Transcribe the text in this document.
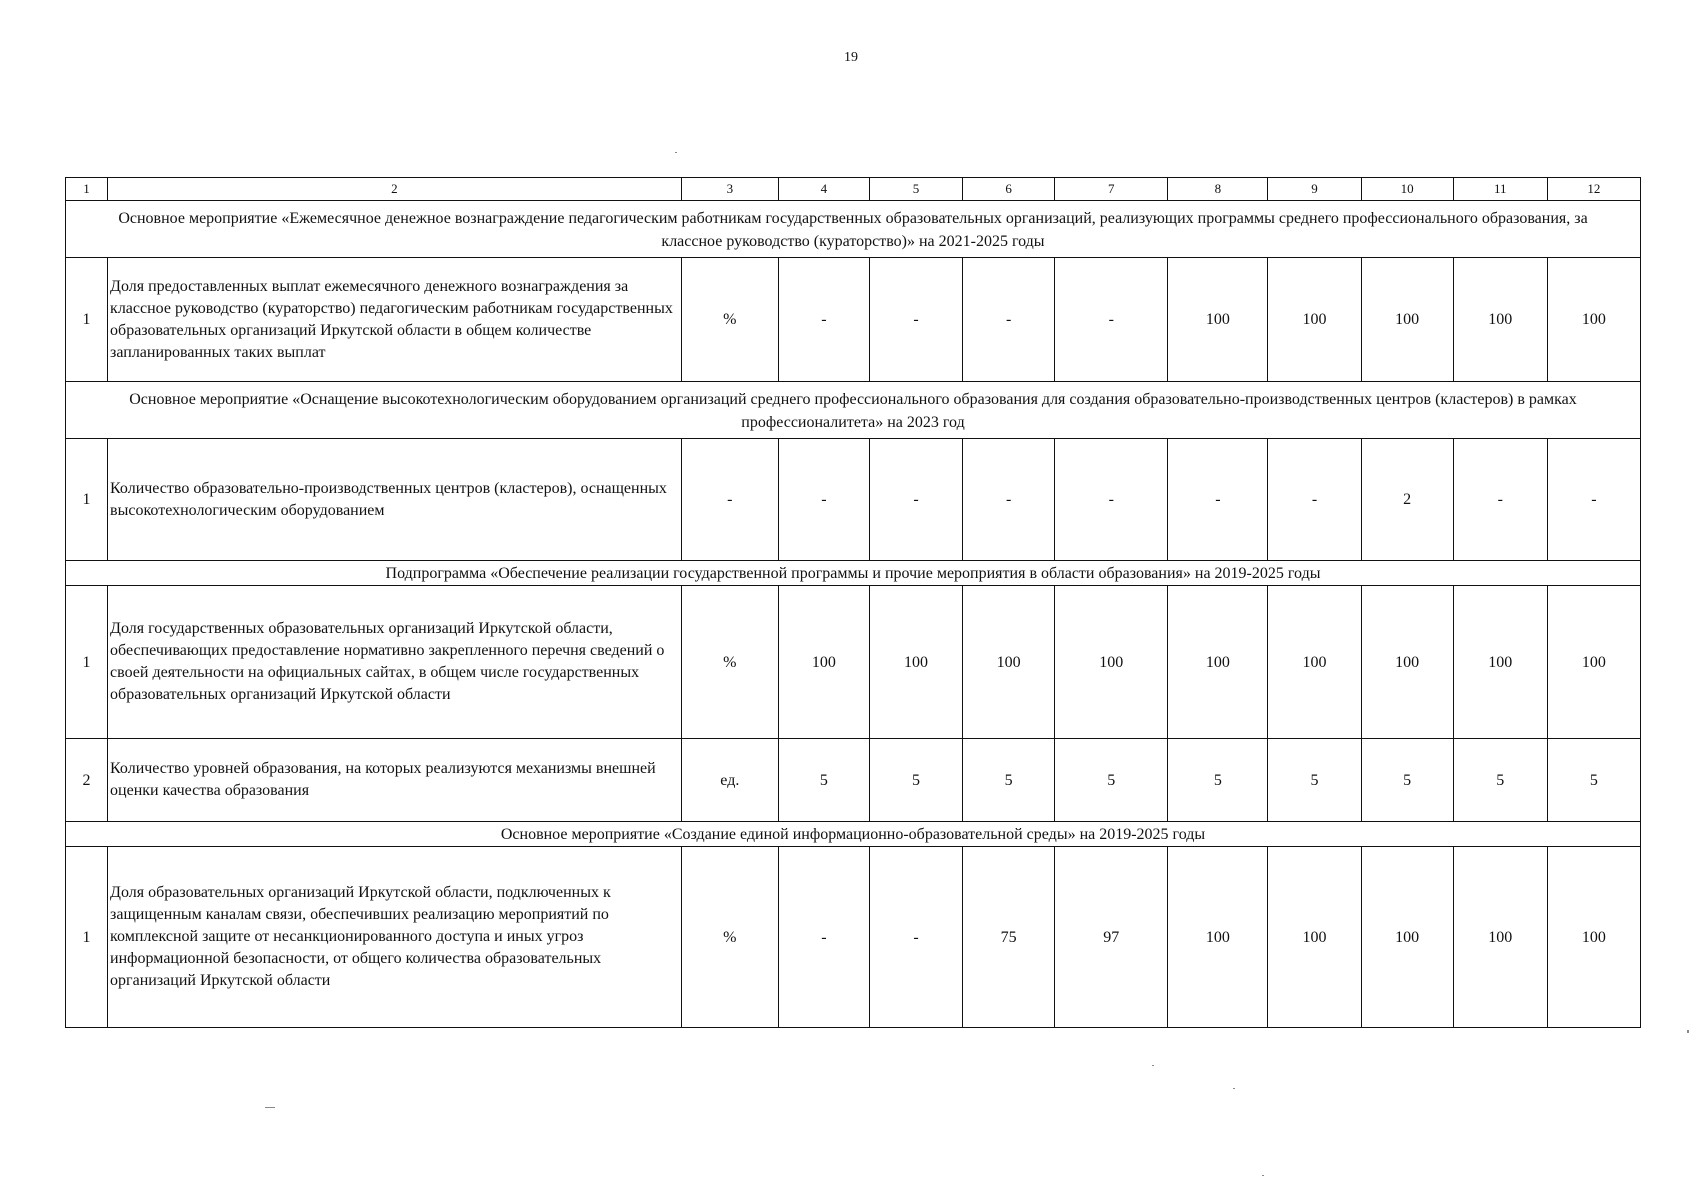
19
1	2	3	4	5	6	7	8	9	10	11	12
Основное мероприятие «Ежемесячное денежное вознаграждение педагогическим работникам государственных образовательных организаций, реализующих программы среднего профессионального образования, за классное руководство (кураторство)» на 2021-2025 годы											
1	Доля предоставленных выплат ежемесячного денежного вознаграждения за классное руководство (кураторство) педагогическим работникам государственных образовательных организаций Иркутской области в общем количестве запланированных таких выплат	%	-	-	-	-	100	100	100	100	100
Основное мероприятие «Оснащение высокотехнологическим оборудованием организаций среднего профессионального образования для создания образовательно-производственных центров (кластеров) в рамках профессионалитета» на 2023 год											
1	Количество образовательно-производственных центров (кластеров), оснащенных высокотехнологическим оборудованием	-	-	-	-	-	-	-	2	-	-
Подпрограмма «Обеспечение реализации государственной программы и прочие мероприятия в области образования» на 2019-2025 годы											
1	Доля государственных образовательных организаций Иркутской области, обеспечивающих предоставление нормативно закрепленного перечня сведений о своей деятельности на официальных сайтах, в общем числе государственных образовательных организаций Иркутской области	%	100	100	100	100	100	100	100	100	100
2	Количество уровней образования, на которых реализуются механизмы внешней оценки качества образования	ед.	5	5	5	5	5	5	5	5	5
Основное мероприятие «Создание единой информационно-образовательной среды» на 2019-2025 годы											
1	Доля образовательных организаций Иркутской области, подключенных к защищенным каналам связи, обеспечивших реализацию мероприятий по комплексной защите от несанкционированного доступа и иных угроз информационной безопасности, от общего количества образовательных организаций Иркутской области	%	-	-	75	97	100	100	100	100	100
